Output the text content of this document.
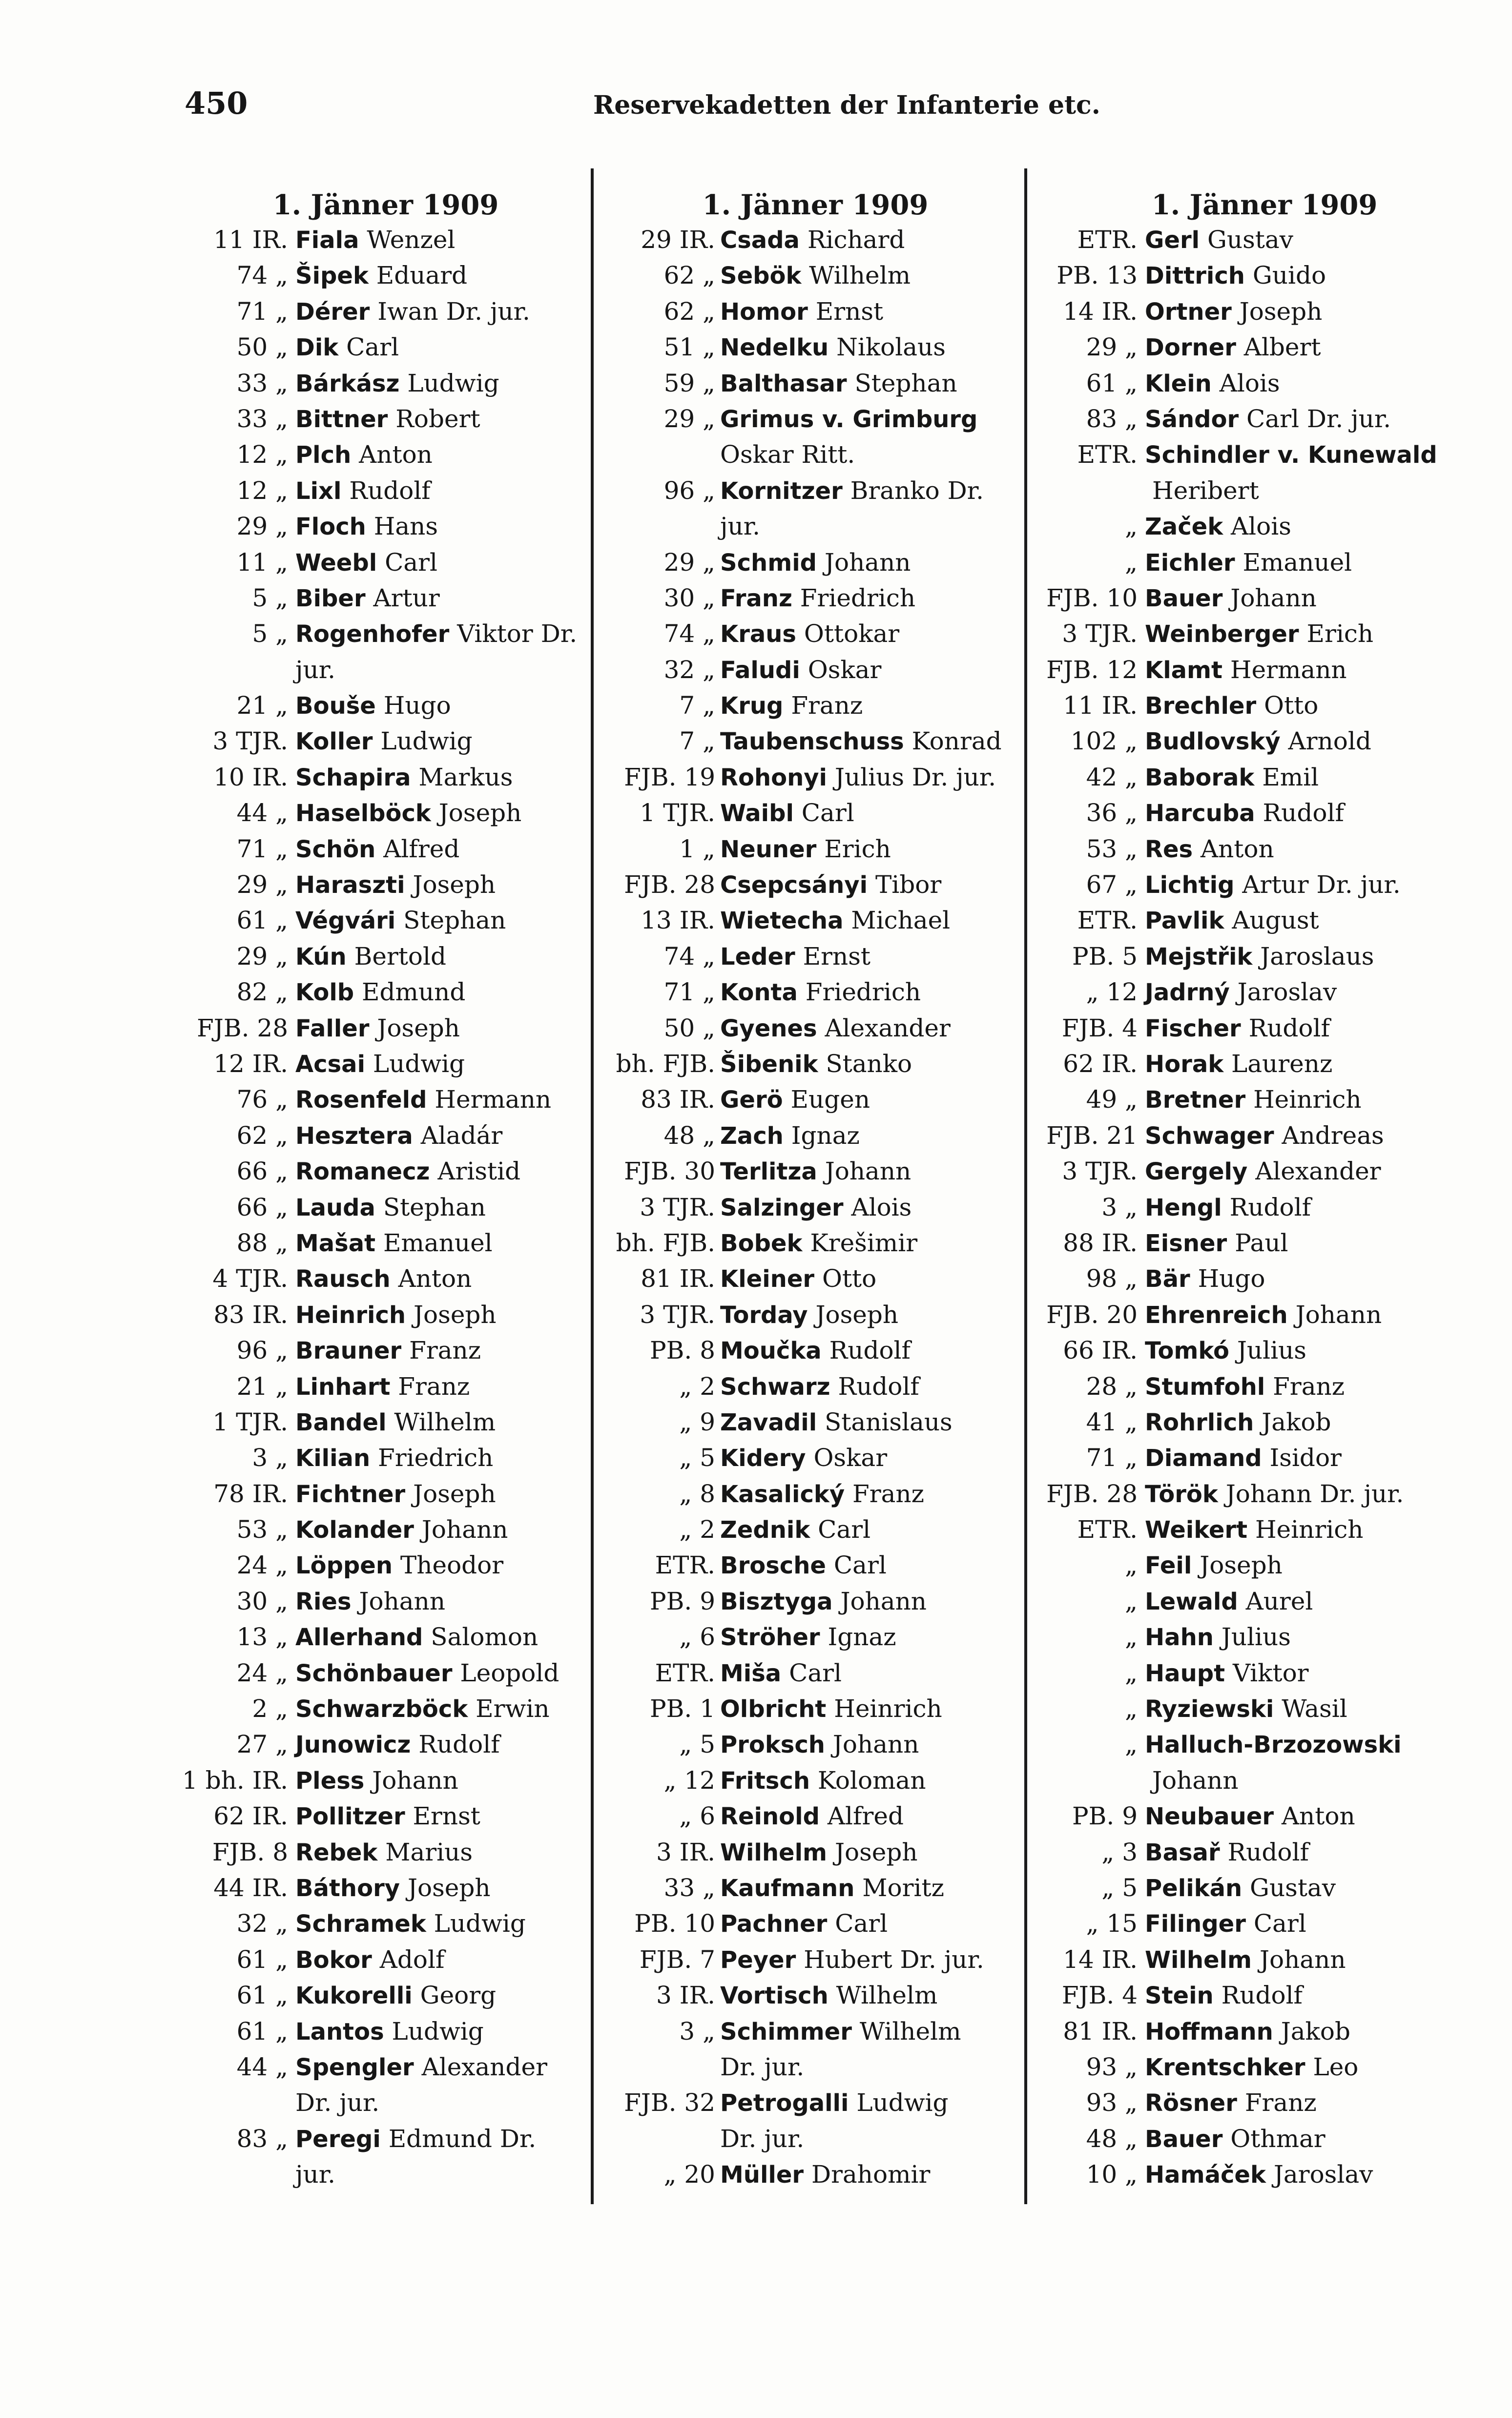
450	Reservekadetten der Infanterie etc.
1. Jänner 1909
11 IR. Fiala Wenzel
74 „ Šipek Eduard
71 „ Dérer Iwan Dr. jur.
50 „ Dik Carl
33 „ Bárkász Ludwig
33 „ Bittner Robert
12 „ Plch Anton
12 „ Lixl Rudolf
29 „ Floch Hans
11 „ Weebl Carl
5 „ Biber Artur
5 „ Rogenhofer Viktor Dr.
jur.
21 „ Bouše Hugo
3 TJR. Koller Ludwig
10 IR. Schapira Markus
44 „ Haselböck Joseph
71 „ Schön Alfred
29 „ Haraszti Joseph
61 „ Végvári Stephan
29 „ Kún Bertold
82 „ Kolb Edmund
FJB. 28 Faller Joseph
12 IR. Acsai Ludwig
76 „ Rosenfeld Hermann
62 „ Hesztera Aladár
66 „ Romanecz Aristid
66 „ Lauda Stephan
88 „ Mašat Emanuel
4 TJR. Rausch Anton
83 IR. Heinrich Joseph
96 „ Brauner Franz
21 „ Linhart Franz
1 TJR. Bandel Wilhelm
3 „ Kilian Friedrich
78 IR. Fichtner Joseph
53 „ Kolander Johann
24 „ Löppen Theodor
30 „ Ries Johann
13 „ Allerhand Salomon
24 „ Schönbauer Leopold
2 „ Schwarzböck Erwin
27 „ Junowicz Rudolf
1 bh. IR. Pless Johann
62 IR. Pollitzer Ernst
FJB. 8 Rebek Marius
44 IR. Báthory Joseph
32 „ Schramek Ludwig
61 „ Bokor Adolf
61 „ Kukorelli Georg
61 „ Lantos Ludwig
44 „ Spengler Alexander
Dr. jur.
83 „ Peregi Edmund Dr.
jur.
1. Jänner 1909
29 IR. Csada Richard
62 „ Sebök Wilhelm
62 „ Homor Ernst
51 „ Nedelku Nikolaus
59 „ Balthasar Stephan
29 „ Grimus v. Grimburg
Oskar Ritt.
96 „ Kornitzer Branko Dr.
jur.
29 „ Schmid Johann
30 „ Franz Friedrich
74 „ Kraus Ottokar
32 „ Faludi Oskar
7 „ Krug Franz
7 „ Taubenschuss Konrad
FJB. 19 Rohonyi Julius Dr. jur.
1 TJR. Waibl Carl
1 „ Neuner Erich
FJB. 28 Csepcsányi Tibor
13 IR. Wietecha Michael
74 „ Leder Ernst
71 „ Konta Friedrich
50 „ Gyenes Alexander
bh. FJB. Šibenik Stanko
83 IR. Gerö Eugen
48 „ Zach Ignaz
FJB. 30 Terlitza Johann
3 TJR. Salzinger Alois
bh. FJB. Bobek Krešimir
81 IR. Kleiner Otto
3 TJR. Torday Joseph
PB. 8 Moučka Rudolf
„ 2 Schwarz Rudolf
„ 9 Zavadil Stanislaus
„ 5 Kidery Oskar
„ 8 Kasalický Franz
„ 2 Zednik Carl
ETR. Brosche Carl
PB. 9 Bisztyga Johann
„ 6 Ströher Ignaz
ETR. Miša Carl
PB. 1 Olbricht Heinrich
„ 5 Proksch Johann
„ 12 Fritsch Koloman
„ 6 Reinold Alfred
3 IR. Wilhelm Joseph
33 „ Kaufmann Moritz
PB. 10 Pachner Carl
FJB. 7 Peyer Hubert Dr. jur.
3 IR. Vortisch Wilhelm
3 „ Schimmer Wilhelm
Dr. jur.
FJB. 32 Petrogalli Ludwig
Dr. jur.
„ 20 Müller Drahomir
1. Jänner 1909
ETR. Gerl Gustav
PB. 13 Dittrich Guido
14 IR. Ortner Joseph
29 „ Dorner Albert
61 „ Klein Alois
83 „ Sándor Carl Dr. jur.
ETR. Schindler v. Kunewald
Heribert
„ Začek Alois
„ Eichler Emanuel
FJB. 10 Bauer Johann
3 TJR. Weinberger Erich
FJB. 12 Klamt Hermann
11 IR. Brechler Otto
102 „ Budlovský Arnold
42 „ Baborak Emil
36 „ Harcuba Rudolf
53 „ Res Anton
67 „ Lichtig Artur Dr. jur.
ETR. Pavlik August
PB. 5 Mejstřik Jaroslaus
„ 12 Jadrný Jaroslav
FJB. 4 Fischer Rudolf
62 IR. Horak Laurenz
49 „ Bretner Heinrich
FJB. 21 Schwager Andreas
3 TJR. Gergely Alexander
3 „ Hengl Rudolf
88 IR. Eisner Paul
98 „ Bär Hugo
FJB. 20 Ehrenreich Johann
66 IR. Tomkó Julius
28 „ Stumfohl Franz
41 „ Rohrlich Jakob
71 „ Diamand Isidor
FJB. 28 Török Johann Dr. jur.
ETR. Weikert Heinrich
„ Feil Joseph
„ Lewald Aurel
„ Hahn Julius
„ Haupt Viktor
„ Ryziewski Wasil
„ Halluch-Brzozowski
Johann
PB. 9 Neubauer Anton
„ 3 Basař Rudolf
„ 5 Pelikán Gustav
„ 15 Filinger Carl
14 IR. Wilhelm Johann
FJB. 4 Stein Rudolf
81 IR. Hoffmann Jakob
93 „ Krentschker Leo
93 „ Rösner Franz
48 „ Bauer Othmar
10 „ Hamáček Jaroslav
